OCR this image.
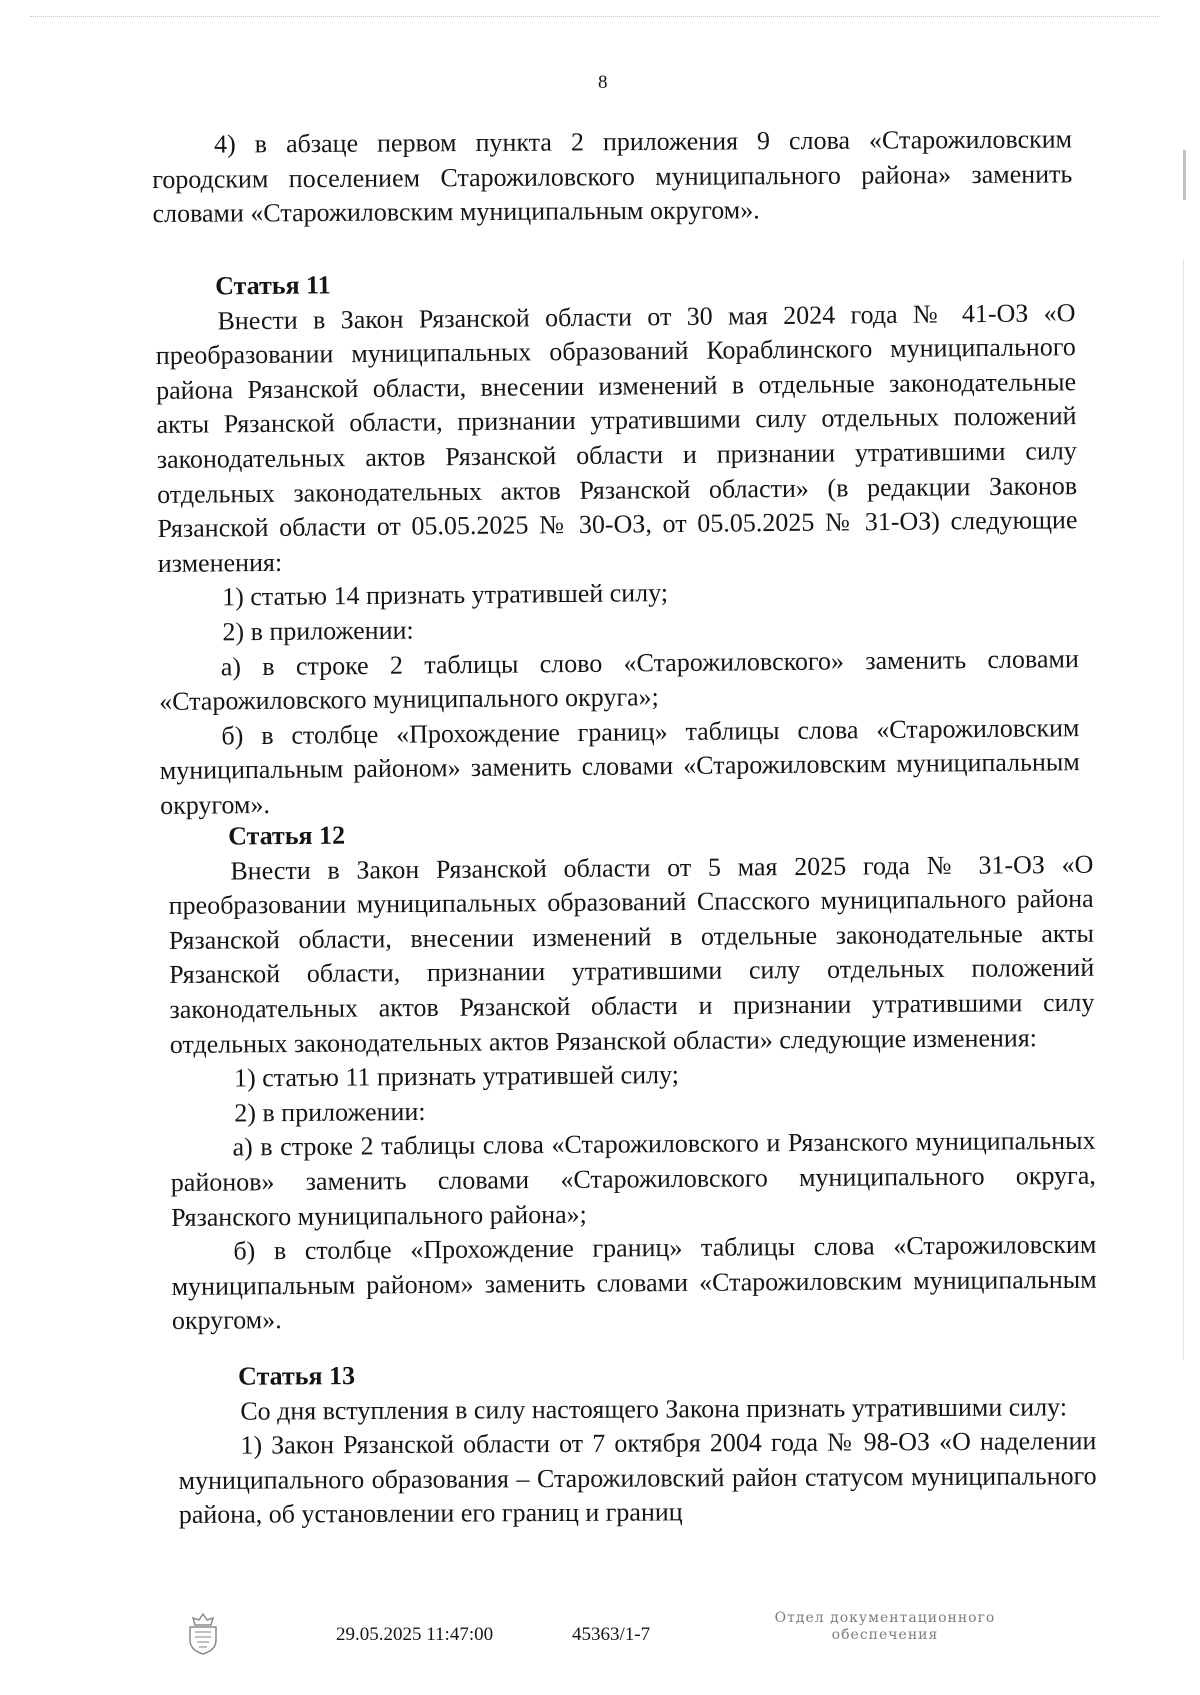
8

4) в абзаце первом пункта 2 приложения 9 слова «Старожиловским городским поселением Старожиловского муниципального района» заменить словами «Старожиловским муниципальным округом».

Статья 11

Внести в Закон Рязанской области от 30 мая 2024 года № 41-ОЗ «О преобразовании муниципальных образований Кораблинского муниципального района Рязанской области, внесении изменений в отдельные законодательные акты Рязанской области, признании утратившими силу отдельных положений законодательных актов Рязанской области и признании утратившими силу отдельных законодательных актов Рязанской области» (в редакции Законов Рязанской области от 05.05.2025 № 30-ОЗ, от 05.05.2025 № 31-ОЗ) следующие изменения:

1) статью 14 признать утратившей силу;

2) в приложении:

а) в строке 2 таблицы слово «Старожиловского» заменить словами «Старожиловского муниципального округа»;

б) в столбце «Прохождение границ» таблицы слова «Старожиловским муниципальным районом» заменить словами «Старожиловским муниципальным округом».

Статья 12

Внести в Закон Рязанской области от 5 мая 2025 года № 31-ОЗ «О преобразовании муниципальных образований Спасского муниципального района Рязанской области, внесении изменений в отдельные законодательные акты Рязанской области, признании утратившими силу отдельных положений законодательных актов Рязанской области и признании утратившими силу отдельных законодательных актов Рязанской области» следующие изменения:

1) статью 11 признать утратившей силу;

2) в приложении:

а) в строке 2 таблицы слова «Старожиловского и Рязанского муниципальных районов» заменить словами «Старожиловского муниципального округа, Рязанского муниципального района»;

б) в столбце «Прохождение границ» таблицы слова «Старожиловским муниципальным районом» заменить словами «Старожиловским муниципальным округом».

Статья 13

Со дня вступления в силу настоящего Закона признать утратившими силу:

1) Закон Рязанской области от 7 октября 2004 года № 98-ОЗ «О наделении муниципального образования – Старожиловский район статусом муниципального района, об установлении его границ и границ

29.05.2025 11:47:00	45363/1-7
Отдел документационного
обеспечения
